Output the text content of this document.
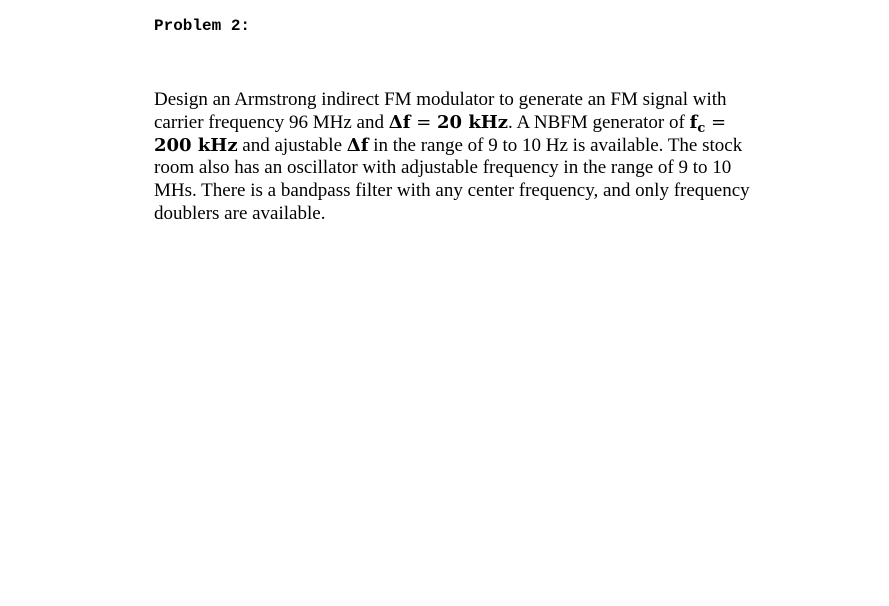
Problem 2:
Design an Armstrong indirect FM modulator to generate an FM signal with
carrier frequency 96 MHz and Δf = 20 kHz. A NBFM generator of $f_c$ =
200 kHz and ajustable Δf in the range of 9 to 10 Hz is available. The stock
room also has an oscillator with adjustable frequency in the range of 9 to 10
MHs. There is a bandpass filter with any center frequency, and only frequency
doublers are available.
